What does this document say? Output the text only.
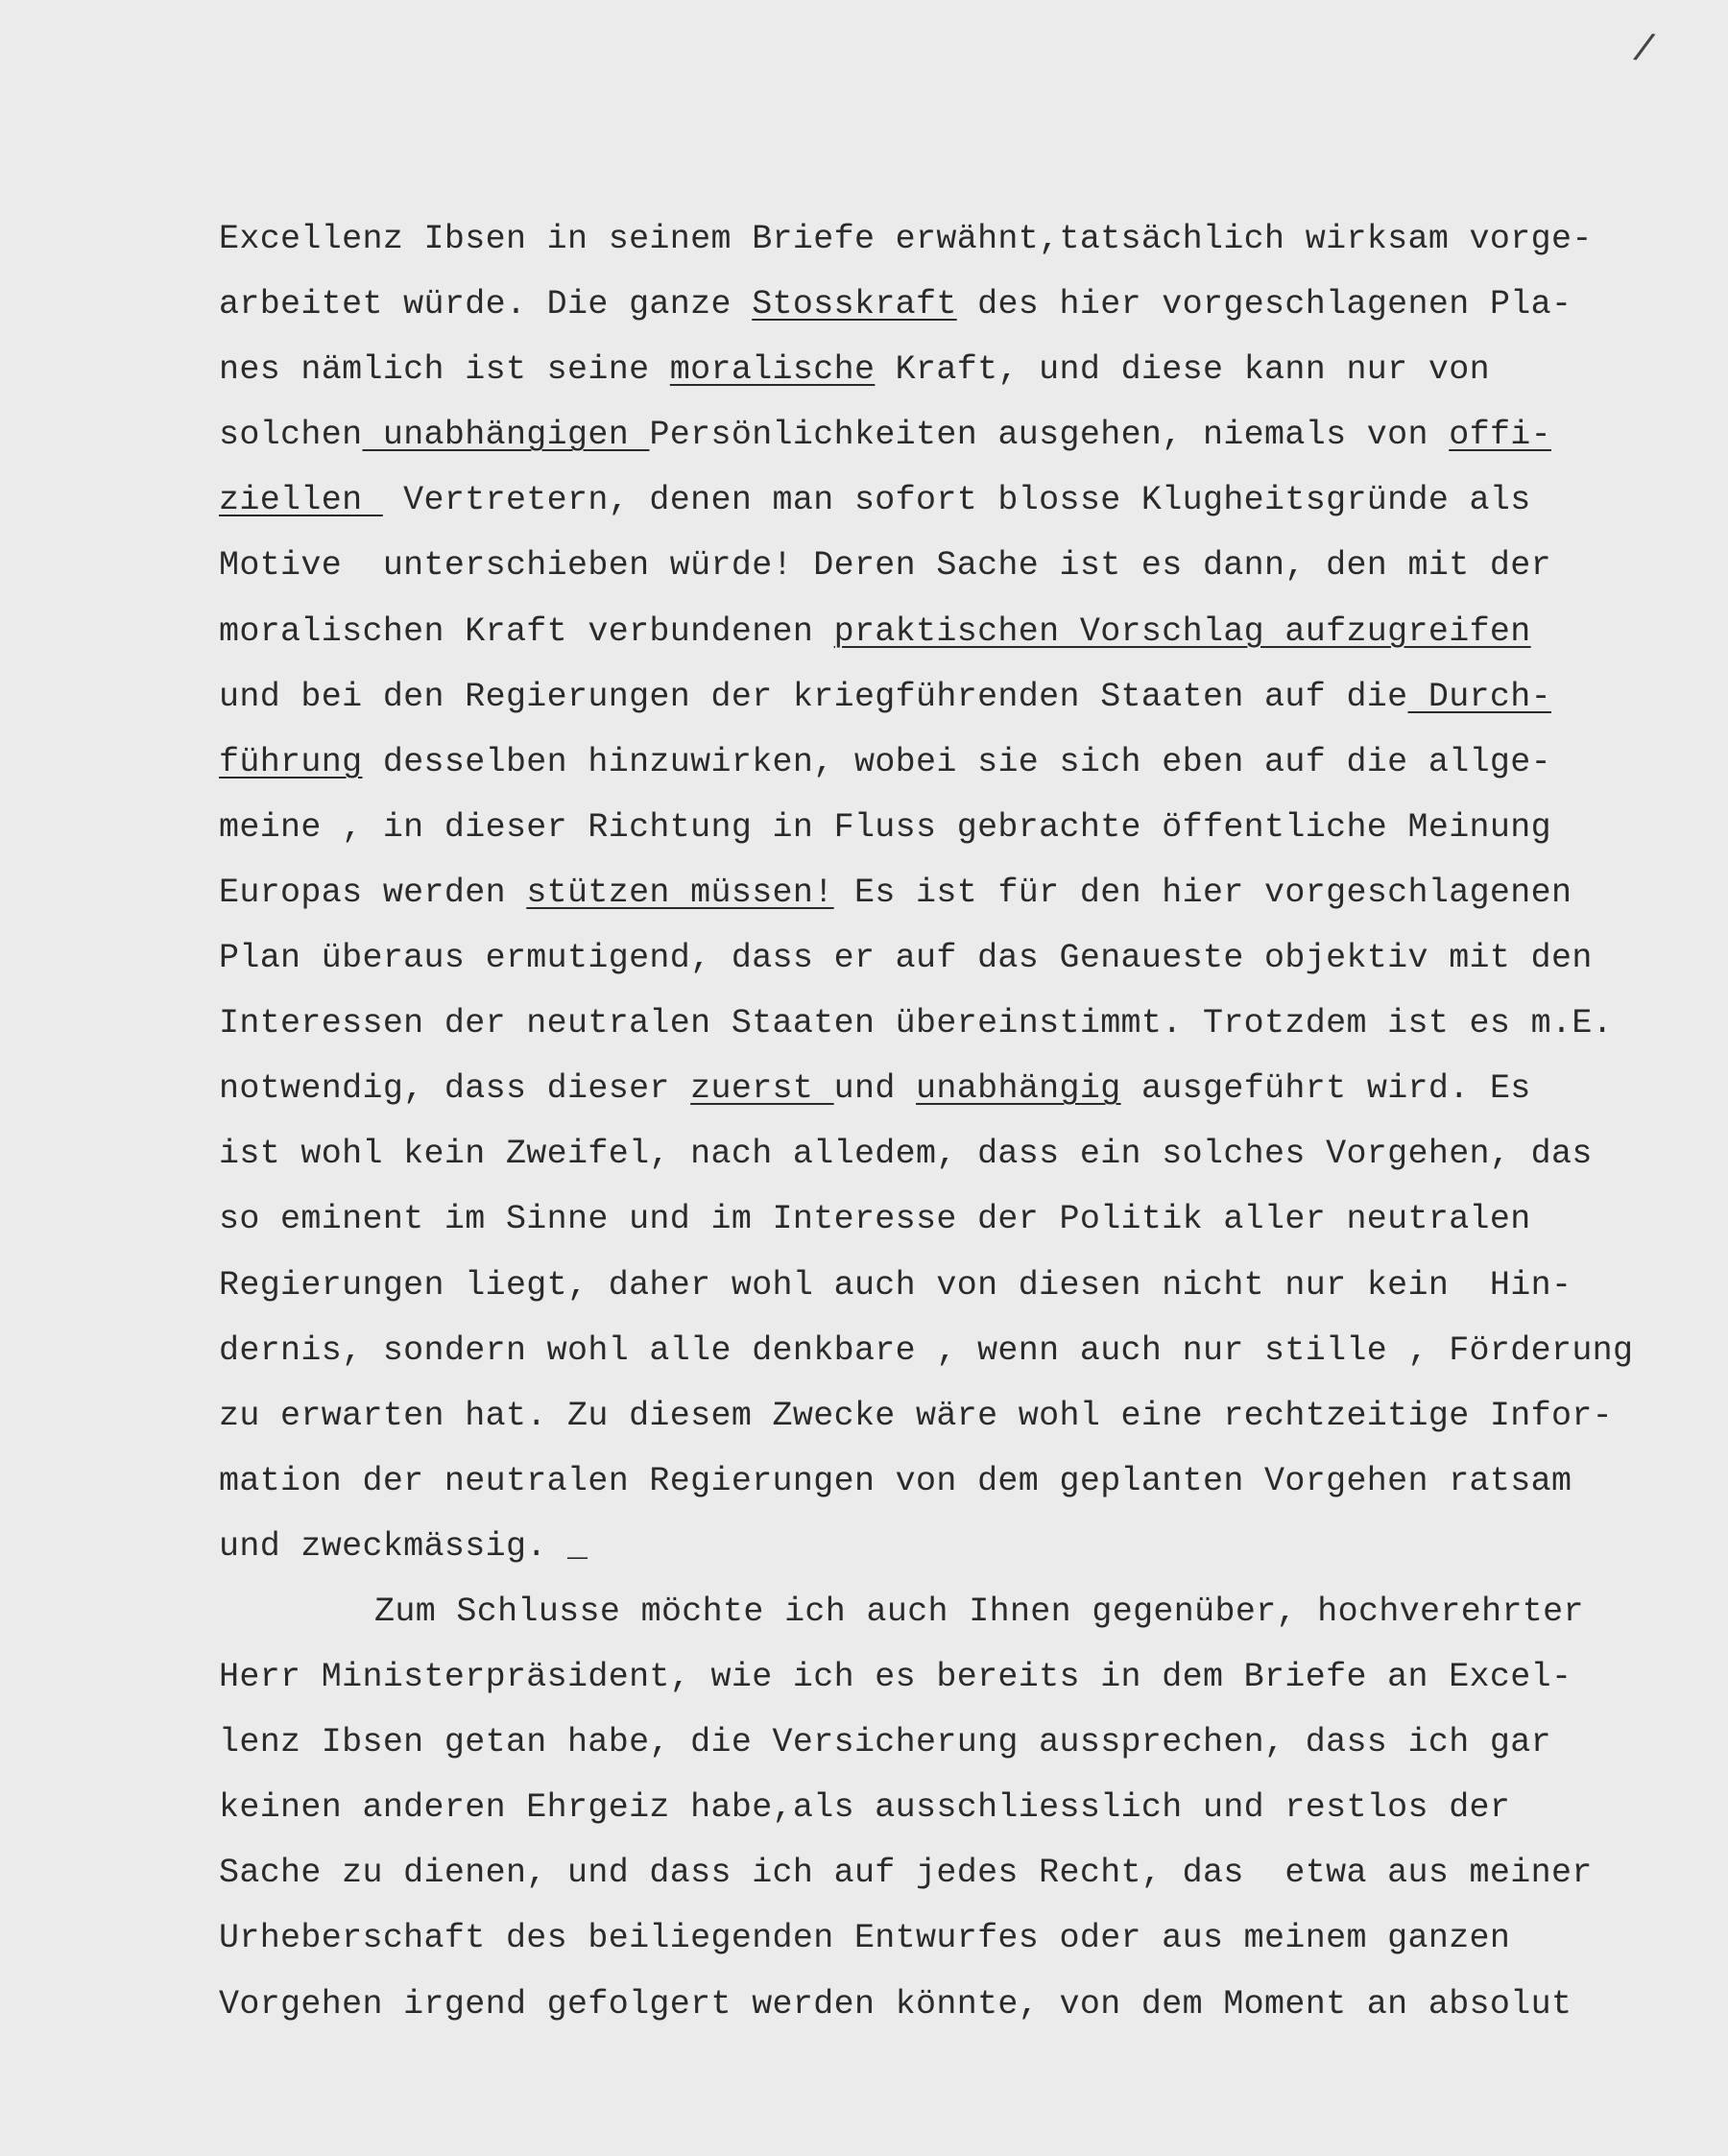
/
Excellenz Ibsen in seinem Briefe erwähnt,tatsächlich wirksam vorge-
arbeitet würde. Die ganze Stosskraft des hier vorgeschlagenen Pla-
nes nämlich ist seine moralische Kraft, und diese kann nur von
solchen unabhängigen Persönlichkeiten ausgehen, niemals von offi-
ziellen  Vertretern, denen man sofort blosse Klugheitsgründe als
Motive  unterschieben würde! Deren Sache ist es dann, den mit der
moralischen Kraft verbundenen praktischen Vorschlag aufzugreifen
und bei den Regierungen der kriegführenden Staaten auf die Durch-
führung desselben hinzuwirken, wobei sie sich eben auf die allge-
meine , in dieser Richtung in Fluss gebrachte öffentliche Meinung
Europas werden stützen müssen! Es ist für den hier vorgeschlagenen
Plan überaus ermutigend, dass er auf das Genaueste objektiv mit den
Interessen der neutralen Staaten übereinstimmt. Trotzdem ist es m.E.
notwendig, dass dieser zuerst und unabhängig ausgeführt wird. Es
ist wohl kein Zweifel, nach alledem, dass ein solches Vorgehen, das
so eminent im Sinne und im Interesse der Politik aller neutralen
Regierungen liegt, daher wohl auch von diesen nicht nur kein  Hin-
dernis, sondern wohl alle denkbare , wenn auch nur stille , Förderung
zu erwarten hat. Zu diesem Zwecke wäre wohl eine rechtzeitige Infor-
mation der neutralen Regierungen von dem geplanten Vorgehen ratsam
und zweckmässig. _
Zum Schlusse möchte ich auch Ihnen gegenüber, hochverehrter
Herr Ministerpräsident, wie ich es bereits in dem Briefe an Excel-
lenz Ibsen getan habe, die Versicherung aussprechen, dass ich gar
keinen anderen Ehrgeiz habe,als ausschliesslich und restlos der
Sache zu dienen, und dass ich auf jedes Recht, das  etwa aus meiner
Urheberschaft des beiliegenden Entwurfes oder aus meinem ganzen
Vorgehen irgend gefolgert werden könnte, von dem Moment an absolut
